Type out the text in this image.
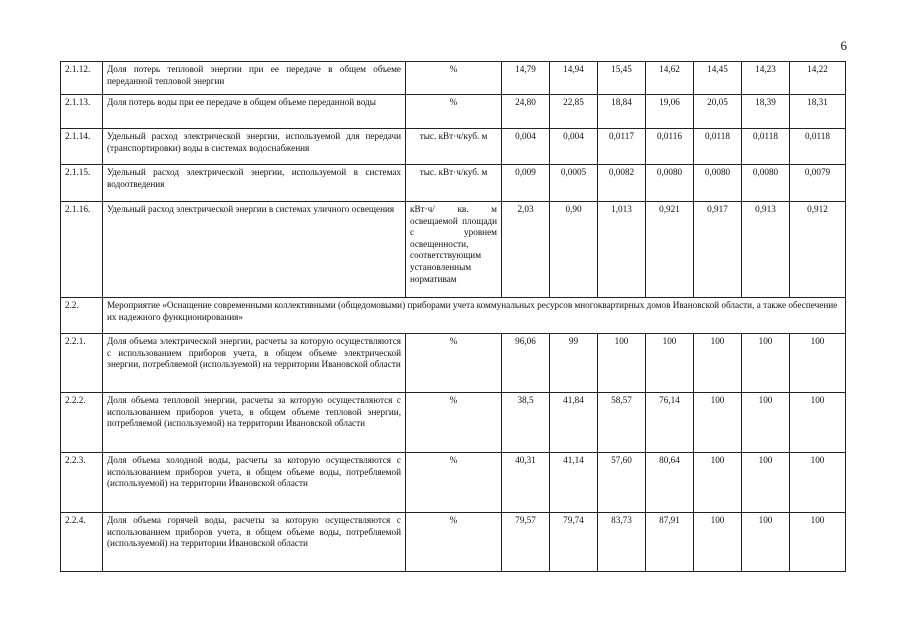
6
2.1.12.	Доля потерь тепловой энергии при ее передаче в общем объеме переданной тепловой энергии	%	14,79	14,94	15,45	14,62	14,45	14,23	14,22
2.1.13.	Доля потерь воды при ее передаче в общем объеме переданной воды	%	24,80	22,85	18,84	19,06	20,05	18,39	18,31
2.1.14.	Удельный расход электрической энергии, используемой для передачи (транспортировки) воды в системах водоснабжения	тыс. кВт·ч/куб. м	0,004	0,004	0,0117	0,0116	0,0118	0,0118	0,0118
2.1.15.	Удельный расход электрической энергии, используемой в системах водоотведения	тыс. кВт·ч/куб. м	0,009	0,0005	0,0082	0,0080	0,0080	0,0080	0,0079
2.1.16.	Удельный расход электрической энергии в системах уличного освещения	кВт·ч/ кв. м освещаемой площади с уровнем освещенности, соответствующим установленным нормативам	2,03	0,90	1,013	0,921	0,917	0,913	0,912
2.2.	Мероприятие «Оснащение современными коллективными (общедомовыми) приборами учета коммунальных ресурсов многоквартирных домов Ивановской области, а также обеспечение их надежного функционирования»								
2.2.1.	Доля объема электрической энергии, расчеты за которую осуществляются с использованием приборов учета, в общем объеме электрической энергии, потребляемой (используемой) на территории Ивановской области	%	96,06	99	100	100	100	100	100
2.2.2.	Доля объема тепловой энергии, расчеты за которую осуществляются с использованием приборов учета, в общем объеме тепловой энергии, потребляемой (используемой) на территории Ивановской области	%	38,5	41,84	58,57	76,14	100	100	100
2.2.3.	Доля объема холодной воды, расчеты за которую осуществляются с использованием приборов учета, в общем объеме воды, потребляемой (используемой) на территории Ивановской области	%	40,31	41,14	57,60	80,64	100	100	100
2.2.4.	Доля объема горячей воды, расчеты за которую осуществляются с использованием приборов учета, в общем объеме воды, потребляемой (используемой) на территории Ивановской области	%	79,57	79,74	83,73	87,91	100	100	100
